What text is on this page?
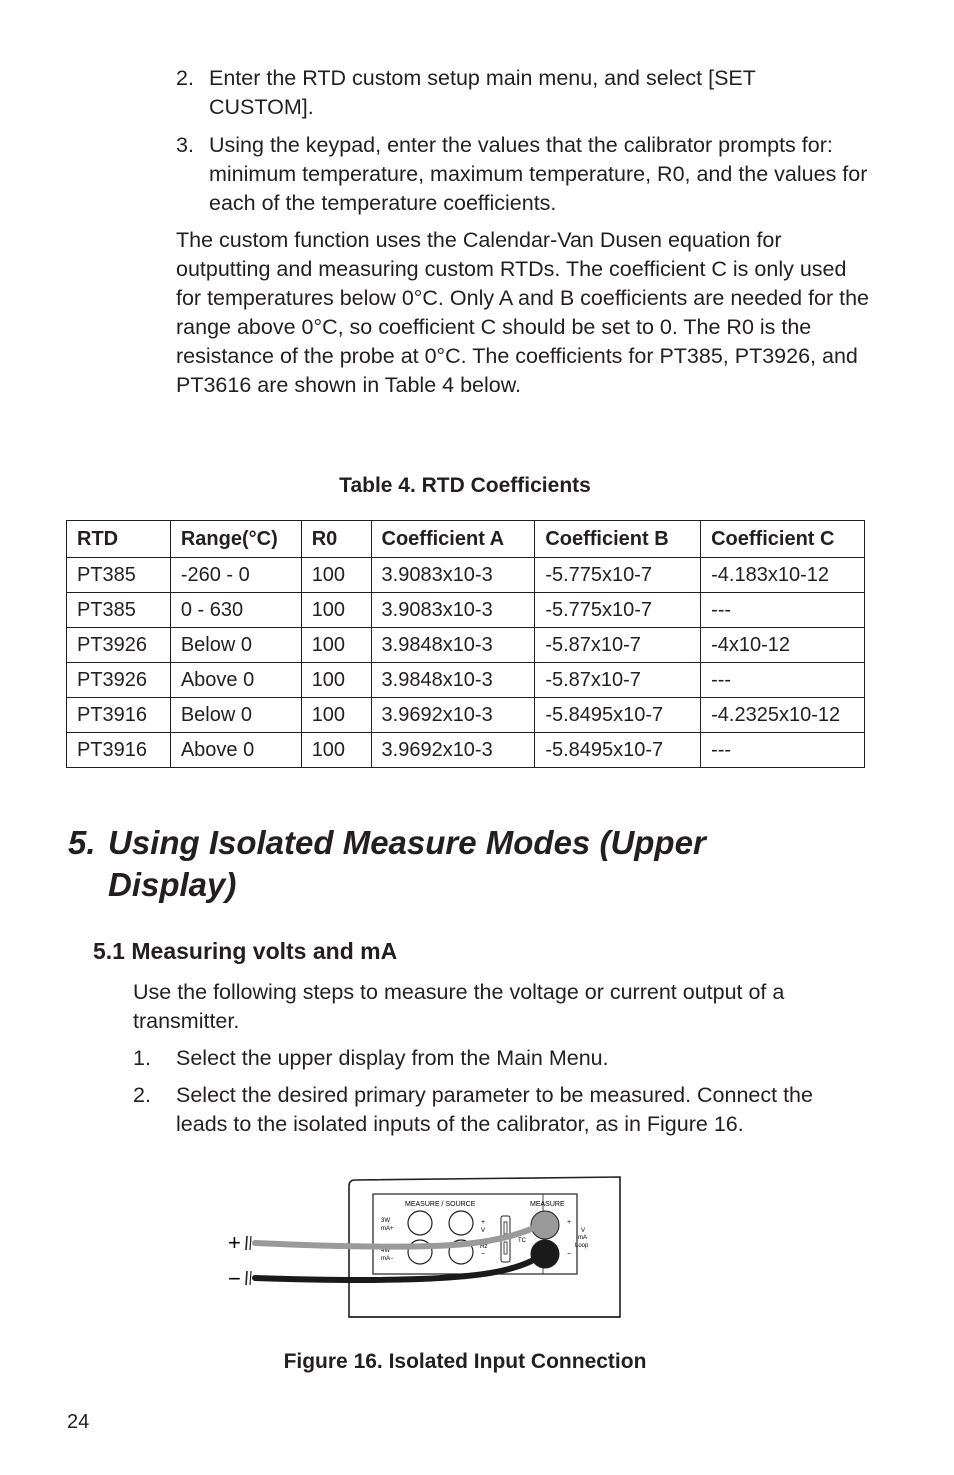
2. Enter the RTD custom setup main menu, and select [SET CUSTOM].
3. Using the keypad, enter the values that the calibrator prompts for: minimum temperature, maximum temperature, R0, and the values for each of the temperature coefficients.
The custom function uses the Calendar-Van Dusen equation for outputting and measuring custom RTDs. The coefficient C is only used for temperatures below 0°C. Only A and B coefficients are needed for the range above 0°C, so coefficient C should be set to 0. The R0 is the resistance of the probe at 0°C. The coefficients for PT385, PT3926, and PT3616 are shown in Table 4 below.
Table 4. RTD Coefficients
RTD	Range(°C)	R0	Coefficient A	Coefficient B	Coefficient C
PT385	-260 - 0	100	3.9083x10-3	-5.775x10-7	-4.183x10-12
PT385	0 - 630	100	3.9083x10-3	-5.775x10-7	---
PT3926	Below 0	100	3.9848x10-3	-5.87x10-7	-4x10-12
PT3926	Above 0	100	3.9848x10-3	-5.87x10-7	---
PT3916	Below 0	100	3.9692x10-3	-5.8495x10-7	-4.2325x10-12
PT3916	Above 0	100	3.9692x10-3	-5.8495x10-7	---
5. Using Isolated Measure Modes (Upper Display)
5.1 Measuring volts and mA
Use the following steps to measure the voltage or current output of a transmitter.
1. Select the upper display from the Main Menu.
2. Select the desired primary parameter to be measured. Connect the leads to the isolated inputs of the calibrator, as in Figure 16.
MEASURE / SOURCE	MEASURE
3W
mA+
4W
mA−
+
V
Hz
−
TC
+
V
mA
Loop
−
+
−
Figure 16. Isolated Input Connection
24
